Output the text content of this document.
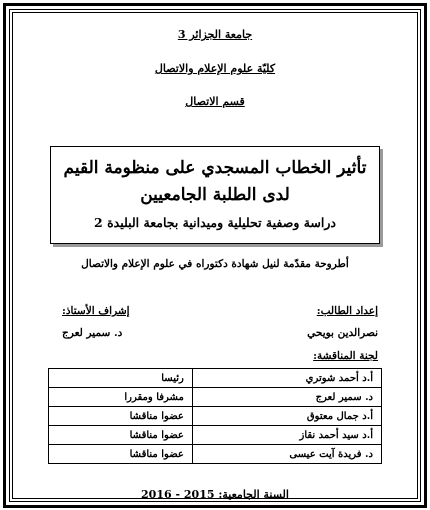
جامعة الجزائر 3
كليّة علوم الإعلام والاتصال
قسم الاتصال
تأثير الخطاب المسجدي على منظومة القيم لدى الطلبة الجامعيين
دراسة وصفية تحليلية وميدانية بجامعة البليدة 2
أطروحة مقدّمة لنيل شهادة دكتوراه في علوم الإعلام والاتصال
إعداد الطالب:
نصرالدين بويحي
إشراف الأستاذ:
د. سمير لعرج
لجنة المناقشة:
أ.د أحمد شوتري	رئيسا
د. سمير لعرج	مشرفا ومقررا
أ.د جمال معتوق	عضوا مناقشا
أ.د سيد أحمد نقاز	عضوا مناقشا
د. فريدة آيت عيسى	عضوا مناقشا
السنة الجامعية: 2015 - 2016
